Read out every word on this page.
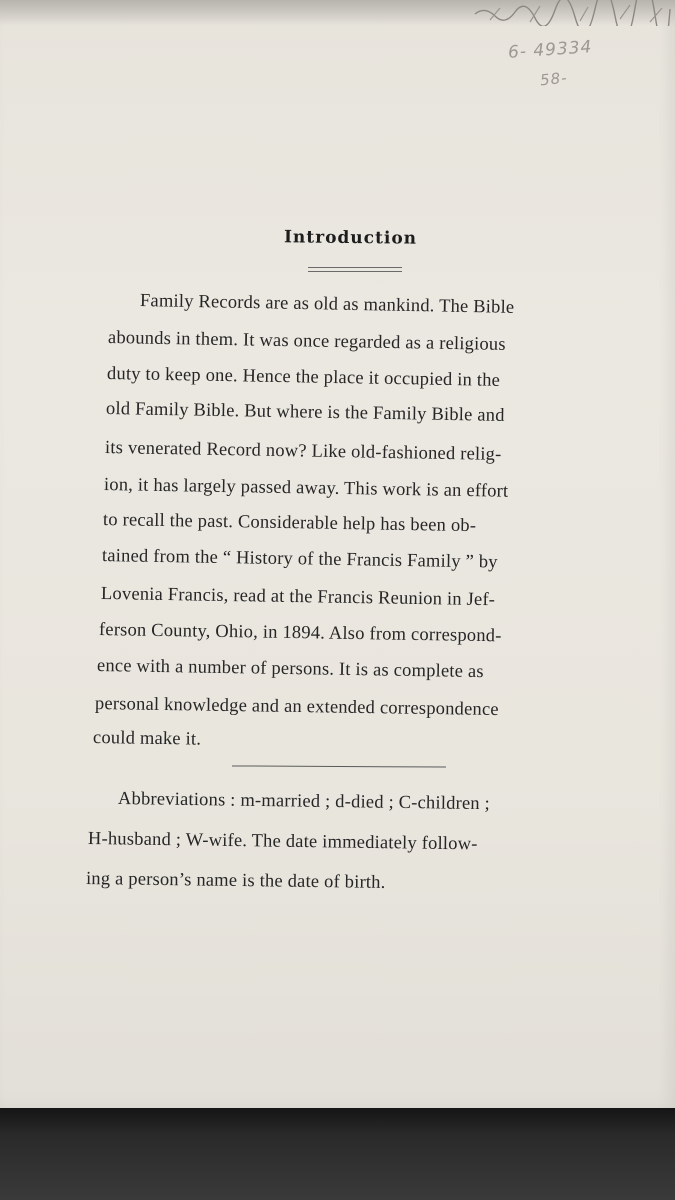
6- 49334
58-
Introduction
Family Records are as old as mankind. The Bible
abounds in them. It was once regarded as a religious
duty to keep one. Hence the place it occupied in the
old Family Bible. But where is the Family Bible and
its venerated Record now? Like old-fashioned relig-
ion, it has largely passed away. This work is an effort
to recall the past. Considerable help has been ob-
tained from the “ History of the Francis Family ” by
Lovenia Francis, read at the Francis Reunion in Jef-
ferson County, Ohio, in 1894. Also from correspond-
ence with a number of persons. It is as complete as
personal knowledge and an extended correspondence
could make it.
Abbreviations : m-married ; d-died ; C-children ;
H-husband ; W-wife. The date immediately follow-
ing a person’s name is the date of birth.
